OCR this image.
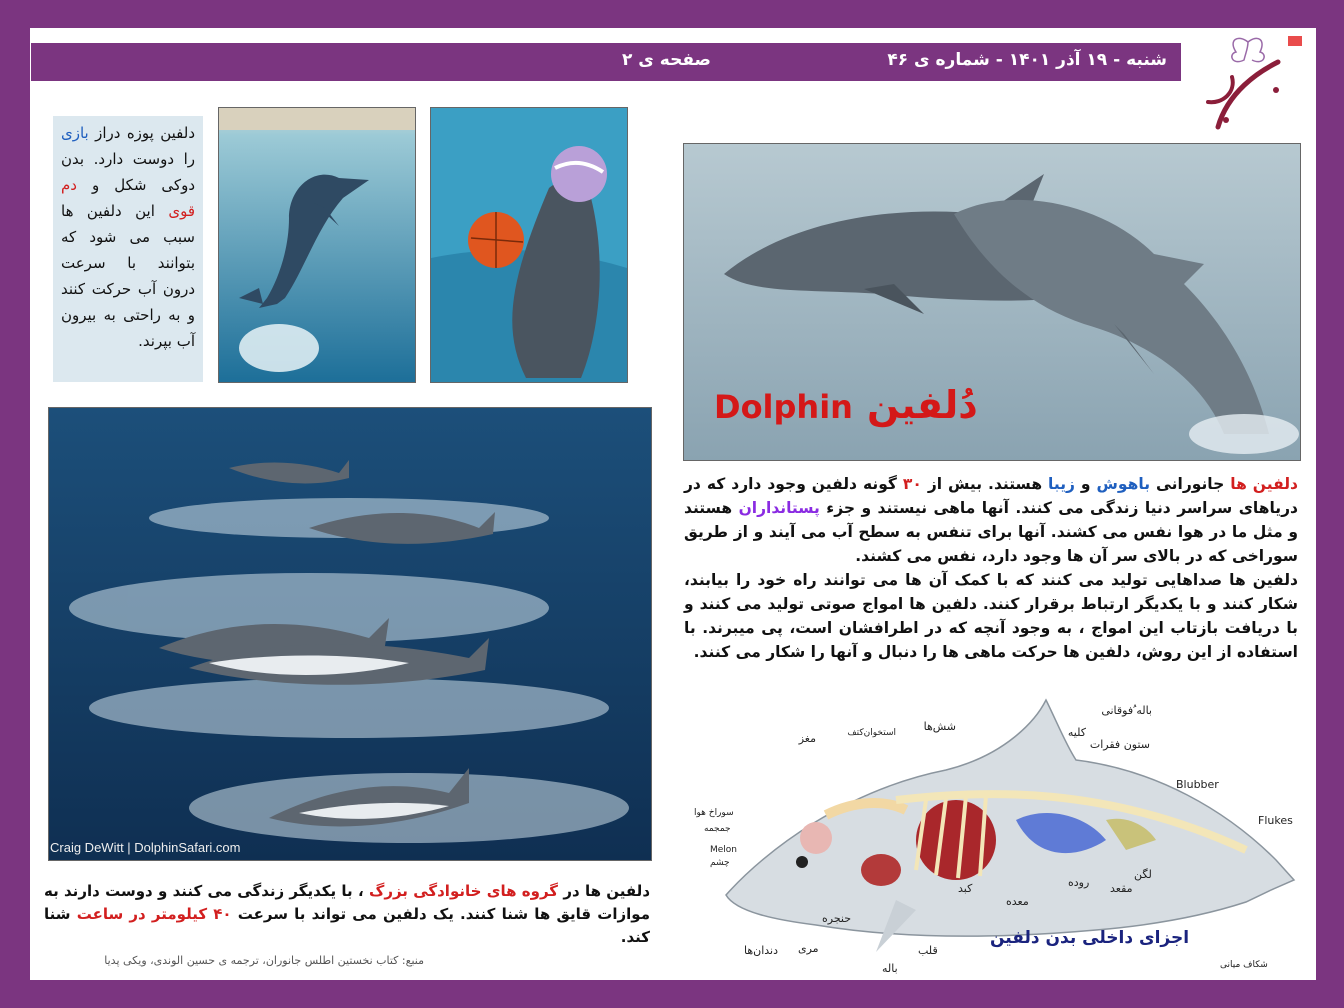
شنبه - ۱۹ آذر ۱۴۰۱ - شماره ی ۴۶
صفحه ی ۲
دلفین پوزه دراز بازی را دوست دارد. بدن دوکی شکل و دم قوی این دلفین ها سبب می شود که بتوانند با سرعت درون آب حرکت کنند و به راحتی به بیرون آب بپرند.
Dolphin دُلفین
دلفین ها جانورانی باهوش و زیبا هستند. بیش از ۳۰ گونه دلفین وجود دارد که در دریاهای سراسر دنیا زندگی می کنند. آنها ماهی نیستند و جزء پستانداران هستند و مثل ما در هوا نفس می کشند. آنها برای تنفس به سطح آب می آیند و از طریق سوراخی که در بالای سر آن ها وجود دارد، نفس می کشند.
دلفین ها صداهایی تولید می کنند که با کمک آن ها می توانند راه خود را بیابند، شکار کنند و با یکدیگر ارتباط برقرار کنند. دلفین ها امواج صوتی تولید می کنند و با دریافت بازتاب این امواج ، به وجود آنچه که در اطرافشان است، پی میبرند. با استفاده از این روش، دلفین ها حرکت ماهی ها را دنبال و آنها را شکار می کنند.
Craig DeWitt | DolphinSafari.com
دلفین ها در گروه های خانوادگی بزرگ ، با یکدیگر زندگی می کنند و دوست دارند به موازات قایق ها شنا کنند. یک دلفین می تواند با سرعت ۴۰ کیلومتر در ساعت شنا کند.
منبع: کتاب نخستین اطلس جانوران، ترجمه ی حسین الوندی، ویکی پدیا
باله ُفوقانی
کلیه
ستون فقرات
شش‌ها
استخوان‌کتف
مغز
Blubber
Flukes
سوراخ هوا
جمجمه
Melon
چشم
لگن
مقعد
روده
معده
کبد
قلب
باله
حنجره
مری
دندان‌ها
شکاف میانی
اجزای داخلی بدن دلفین
